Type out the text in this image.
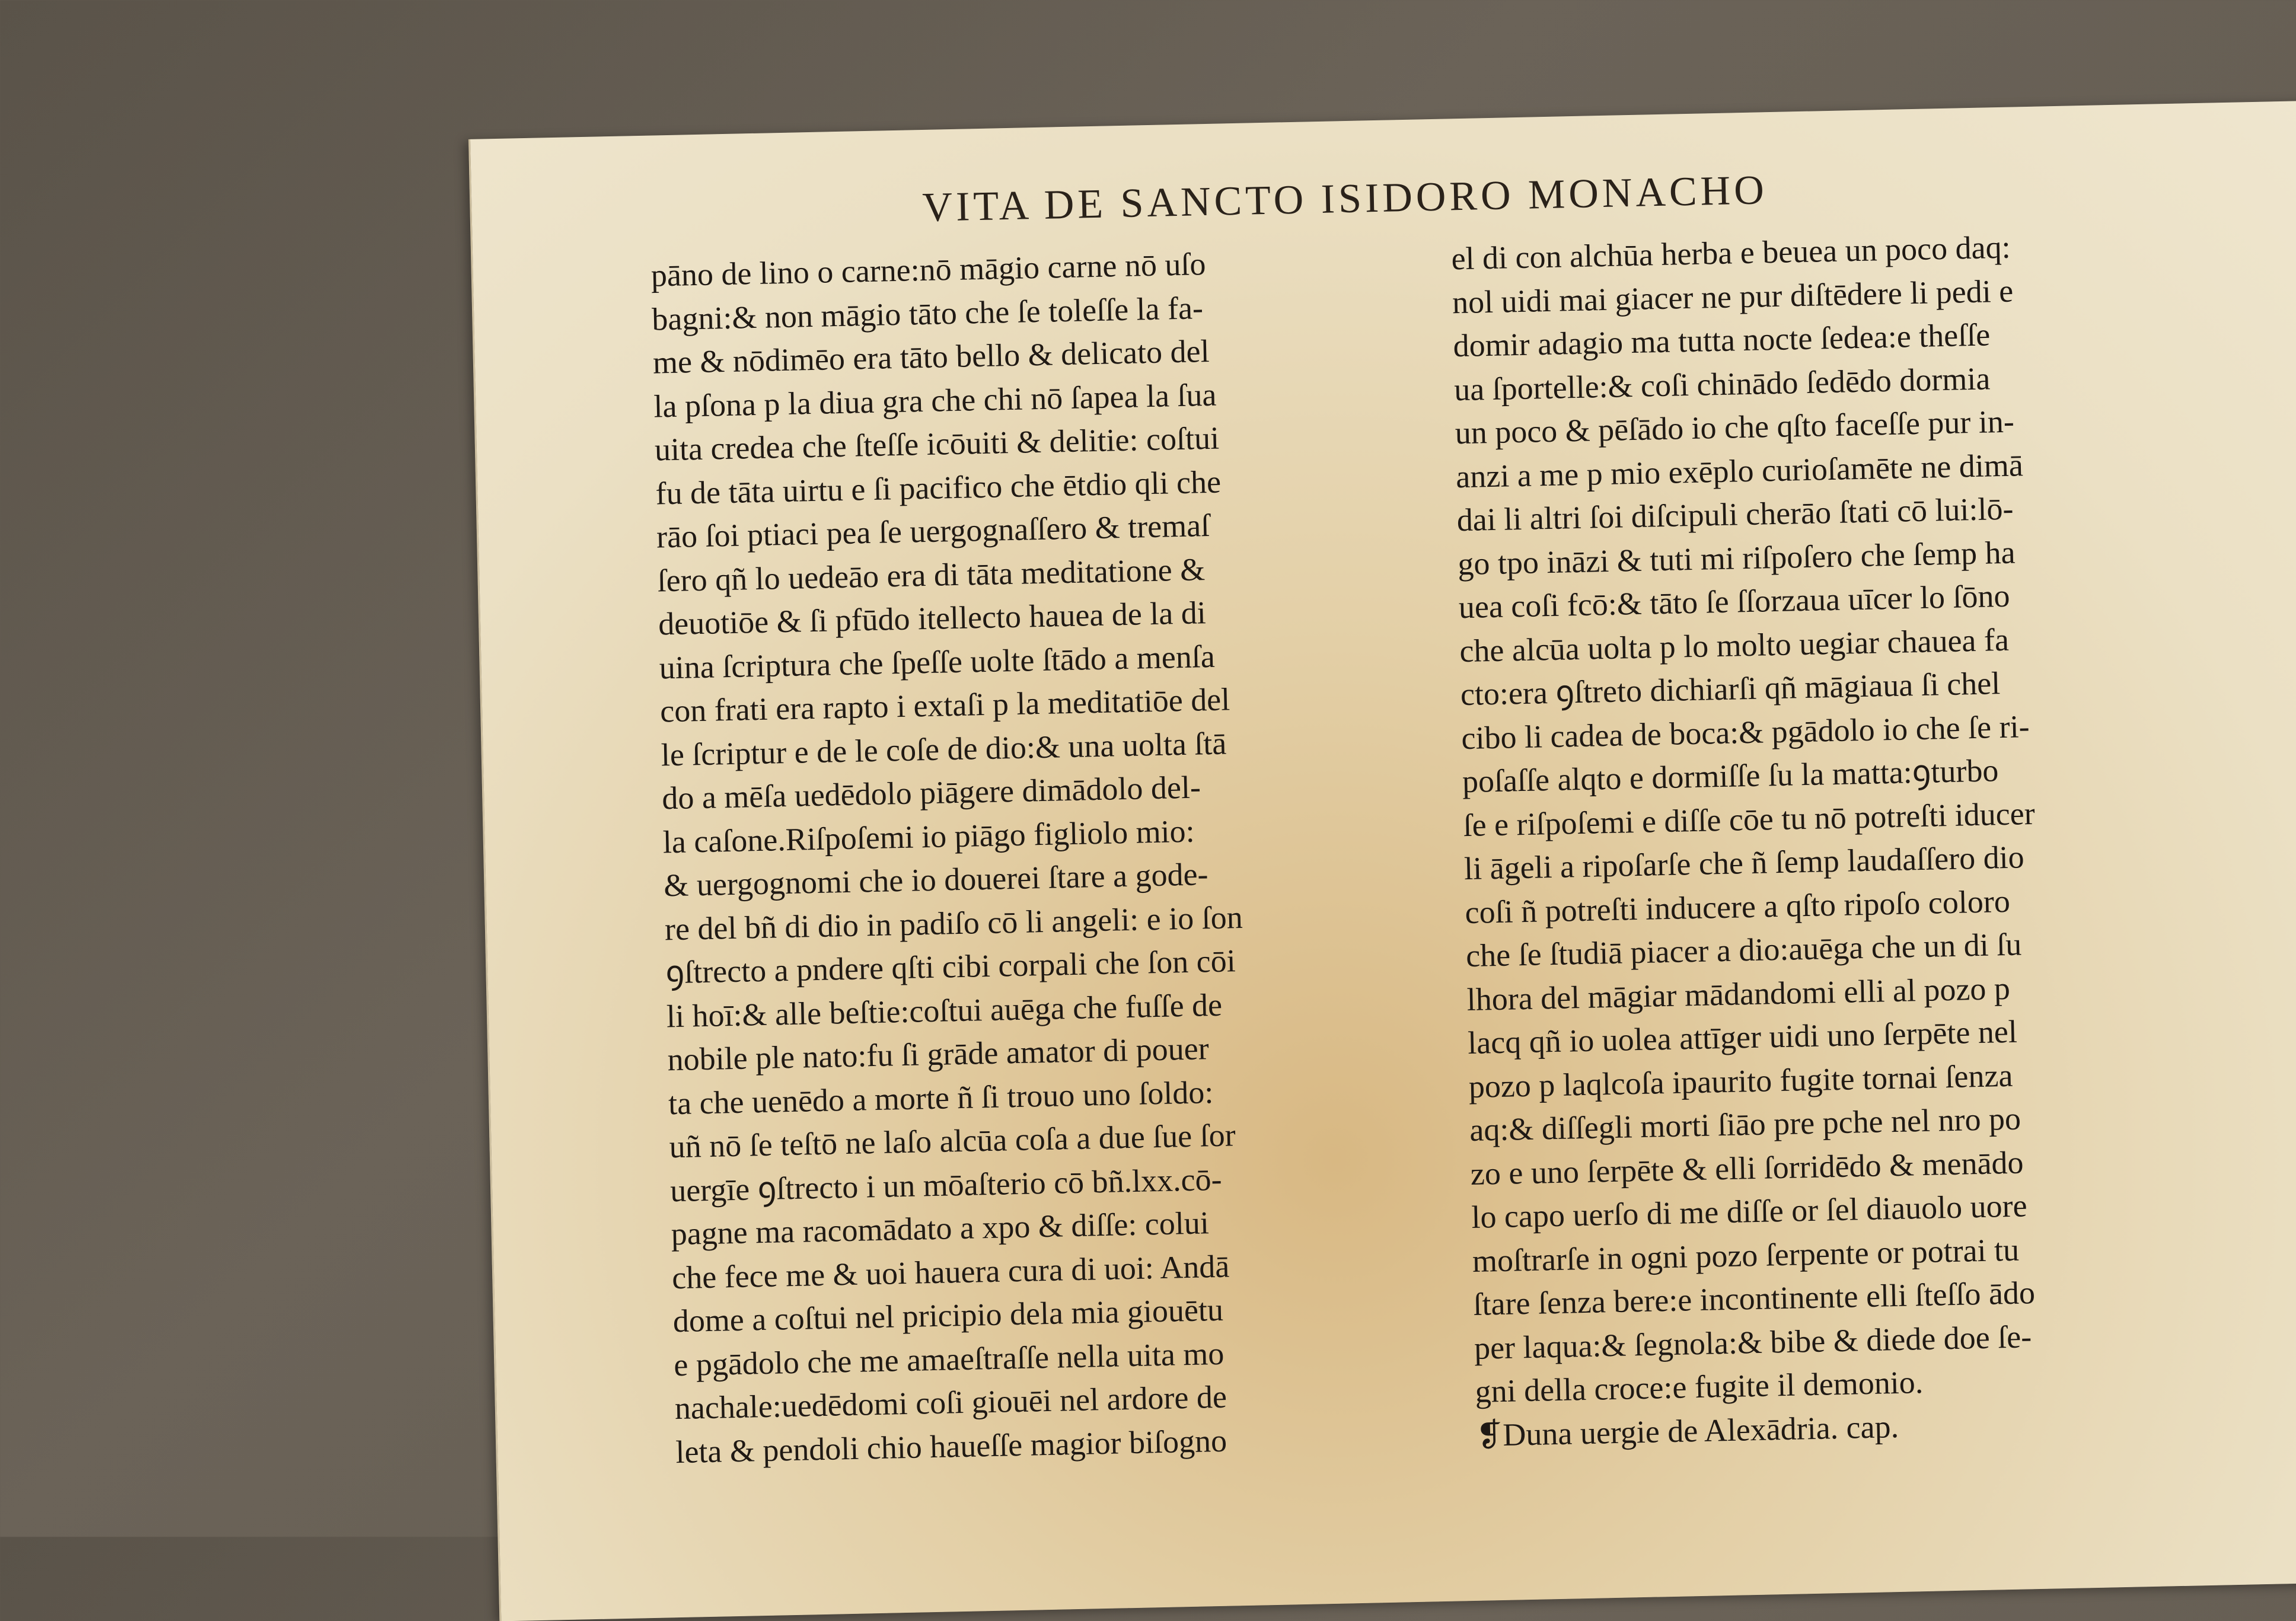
VITA DE SANCTO ISIDORO MONACHO
pāno de lino o carne:nō māgio carne nō uſo
bagni:& non māgio tāto che ſe toleſſe la fa-
me & nōdimēo era tāto bello & delicato del
la pſona p la diua gra che chi nō ſapea la ſua
uita credea che ſteſſe icōuiti & delitie: coſtui
fu de tāta uirtu e ſi pacifico che ētdio qli che
rāo ſoi ptiaci pea ſe uergognaſſero & tremaſ
ſero qñ lo uedeāo era di tāta meditatione &
deuotiōe & ſi pfūdo itellecto hauea de la di
uina ſcriptura che ſpeſſe uolte ſtādo a menſa
con frati era rapto i extaſi p la meditatiōe del
le ſcriptur e de le coſe de dio:& una uolta ſtā
do a mēſa uedēdolo piāgere dimādolo del-
la caſone.Riſpoſemi io piāgo figliolo mio:
& uergognomi che io douerei ſtare a gode-
re del bñ di dio in padiſo cō li angeli: e io ſon
ꝯſtrecto a pndere qſti cibi corpali che ſon cōi
li hoī:& alle beſtie:coſtui auēga che fuſſe de
nobile ple nato:fu ſi grāde amator di pouer
ta che uenēdo a morte ñ ſi trouo uno ſoldo:
uñ nō ſe teſtō ne laſo alcūa coſa a due ſue ſor
uergīe ꝯſtrecto i un mōaſterio cō bñ.lxx.cō-
pagne ma racomādato a xpo & diſſe: colui
che fece me & uoi hauera cura di uoi: Andā
dome a coſtui nel pricipio dela mia giouētu
e pgādolo che me amaeſtraſſe nella uita mo
nachale:uedēdomi coſi giouēi nel ardore de
leta & pendoli chio haueſſe magior biſogno
el di con alchūa herba e beuea un poco daq:
nol uidi mai giacer ne pur diſtēdere li pedi e
domir adagio ma tutta nocte ſedea:e theſſe
ua ſportelle:& coſi chinādo ſedēdo dormia
un poco & pēſādo io che qſto faceſſe pur in-
anzi a me p mio exēplo curioſamēte ne dimā
dai li altri ſoi diſcipuli cherāo ſtati cō lui:lō-
go tpo ināzi & tuti mi riſpoſero che ſemp ha
uea coſi fcō:& tāto ſe ſſorzaua uīcer lo ſōno
che alcūa uolta p lo molto uegiar chauea fa
cto:era ꝯſtreto dichiarſi qñ māgiaua ſi chel
cibo li cadea de boca:& pgādolo io che ſe ri-
poſaſſe alqto e dormiſſe ſu la matta:ꝯturbo
ſe e riſpoſemi e diſſe cōe tu nō potreſti iducer
li āgeli a ripoſarſe che ñ ſemp laudaſſero dio
coſi ñ potreſti inducere a qſto ripoſo coloro
che ſe ſtudiā piacer a dio:auēga che un di ſu
lhora del māgiar mādandomi elli al pozo p
lacq qñ io uolea attīger uidi uno ſerpēte nel
pozo p laqlcoſa ipaurito fugite tornai ſenza
aq:& diſſegli morti ſiāo pre pche nel nro po
zo e uno ſerpēte & elli ſorridēdo & menādo
lo capo uerſo di me diſſe or ſel diauolo uore
moſtrarſe in ogni pozo ſerpente or potrai tu
ſtare ſenza bere:e incontinente elli ſteſſo ādo
per laqua:& ſegnola:& bibe & diede doe ſe-
gni della croce:e fugite il demonio.
❡Duna uergie de Alexādria. cap.
